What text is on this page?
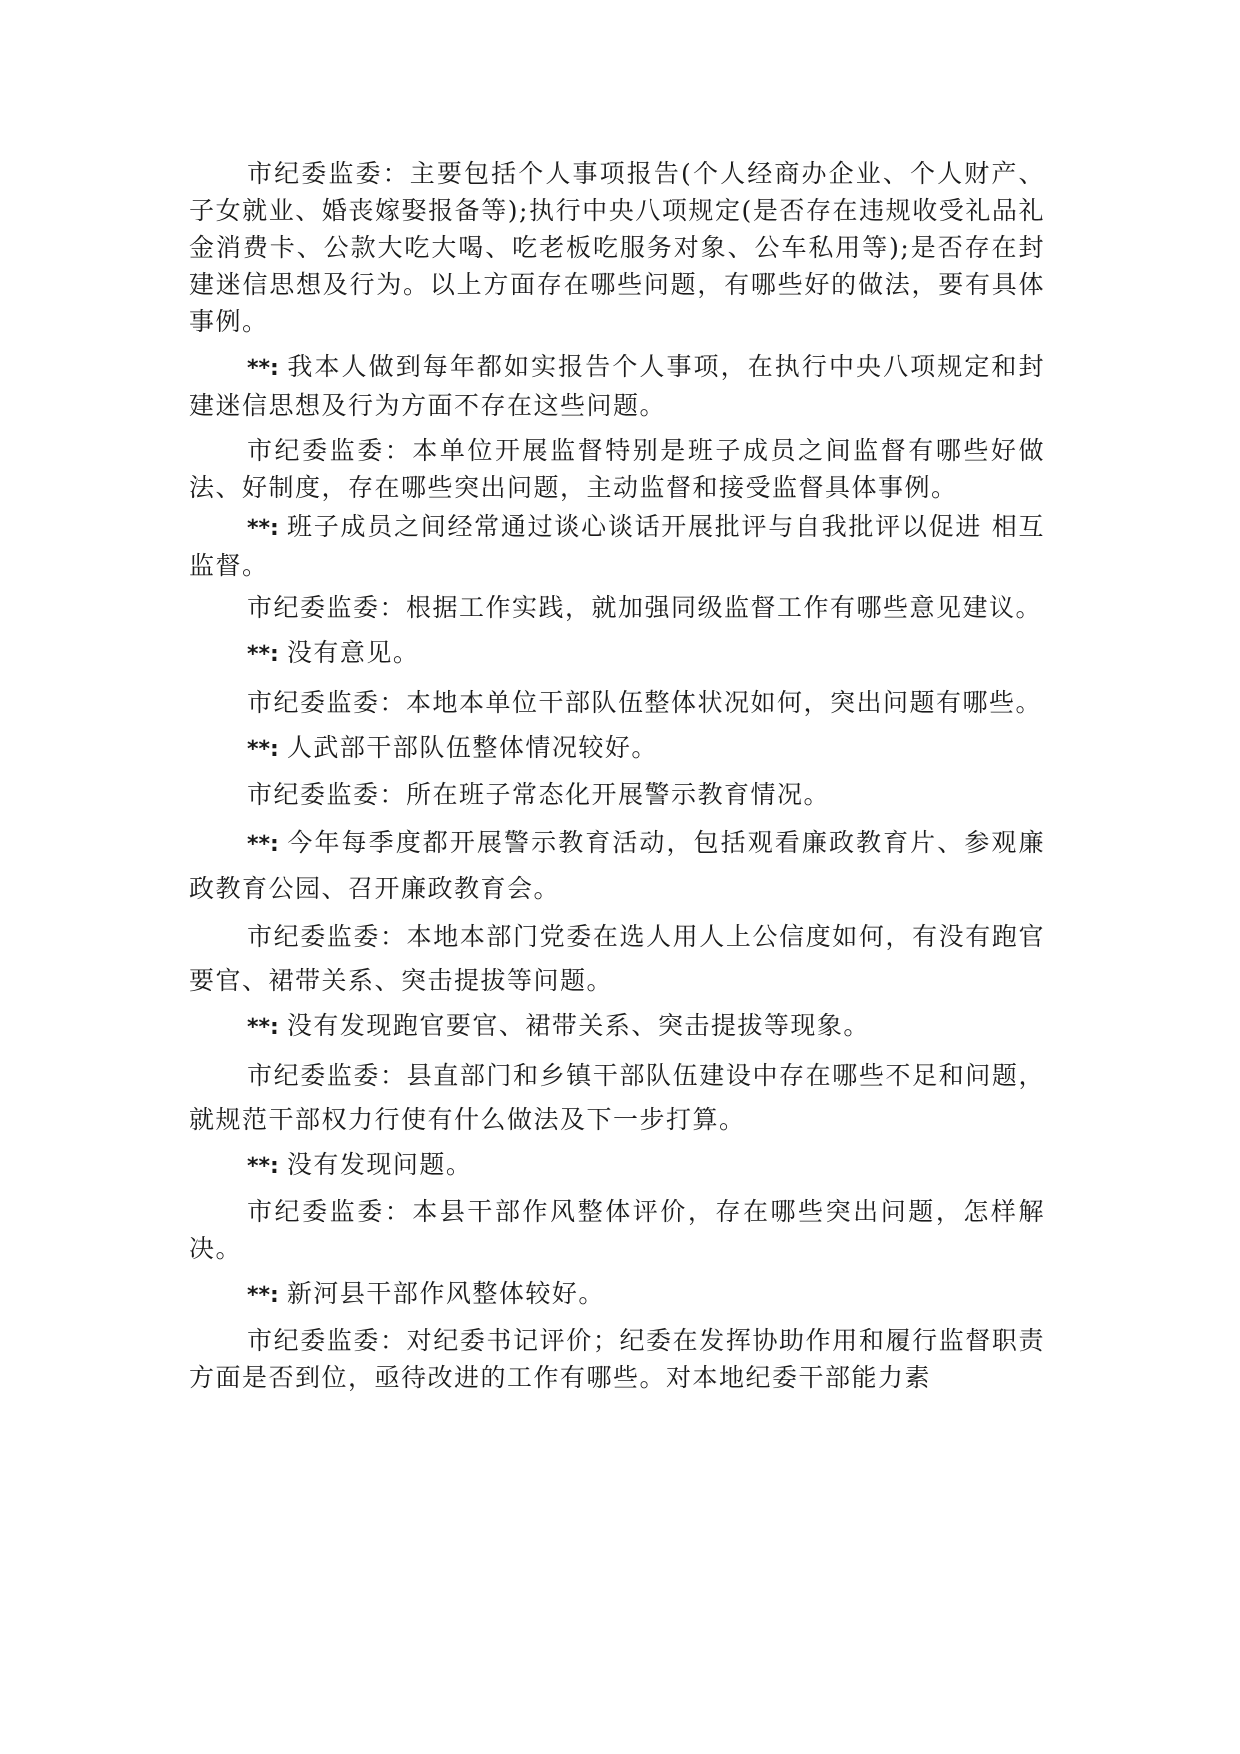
市纪委监委：主要包括个人事项报告(个人经商办企业、个人财产、子女就业、婚丧嫁娶报备等);执行中央八项规定(是否存在违规收受礼品礼金消费卡、公款大吃大喝、吃老板吃服务对象、公车私用等);是否存在封建迷信思想及行为。以上方面存在哪些问题，有哪些好的做法，要有具体事例。

**: 我本人做到每年都如实报告个人事项，在执行中央八项规定和封建迷信思想及行为方面不存在这些问题。

市纪委监委：本单位开展监督特别是班子成员之间监督有哪些好做法、好制度，存在哪些突出问题，主动监督和接受监督具体事例。

**: 班子成员之间经常通过谈心谈话开展批评与自我批评以促进 相互监督。

市纪委监委：根据工作实践，就加强同级监督工作有哪些意见建议。

**: 没有意见。

市纪委监委：本地本单位干部队伍整体状况如何，突出问题有哪些。

**: 人武部干部队伍整体情况较好。

市纪委监委：所在班子常态化开展警示教育情况。

**: 今年每季度都开展警示教育活动，包括观看廉政教育片、参观廉政教育公园、召开廉政教育会。

市纪委监委：本地本部门党委在选人用人上公信度如何，有没有跑官要官、裙带关系、突击提拔等问题。

**: 没有发现跑官要官、裙带关系、突击提拔等现象。

市纪委监委：县直部门和乡镇干部队伍建设中存在哪些不足和问题，就规范干部权力行使有什么做法及下一步打算。

**: 没有发现问题。

市纪委监委：本县干部作风整体评价，存在哪些突出问题，怎样解决。

**: 新河县干部作风整体较好。

市纪委监委：对纪委书记评价；纪委在发挥协助作用和履行监督职责方面是否到位，亟待改进的工作有哪些。对本地纪委干部能力素
